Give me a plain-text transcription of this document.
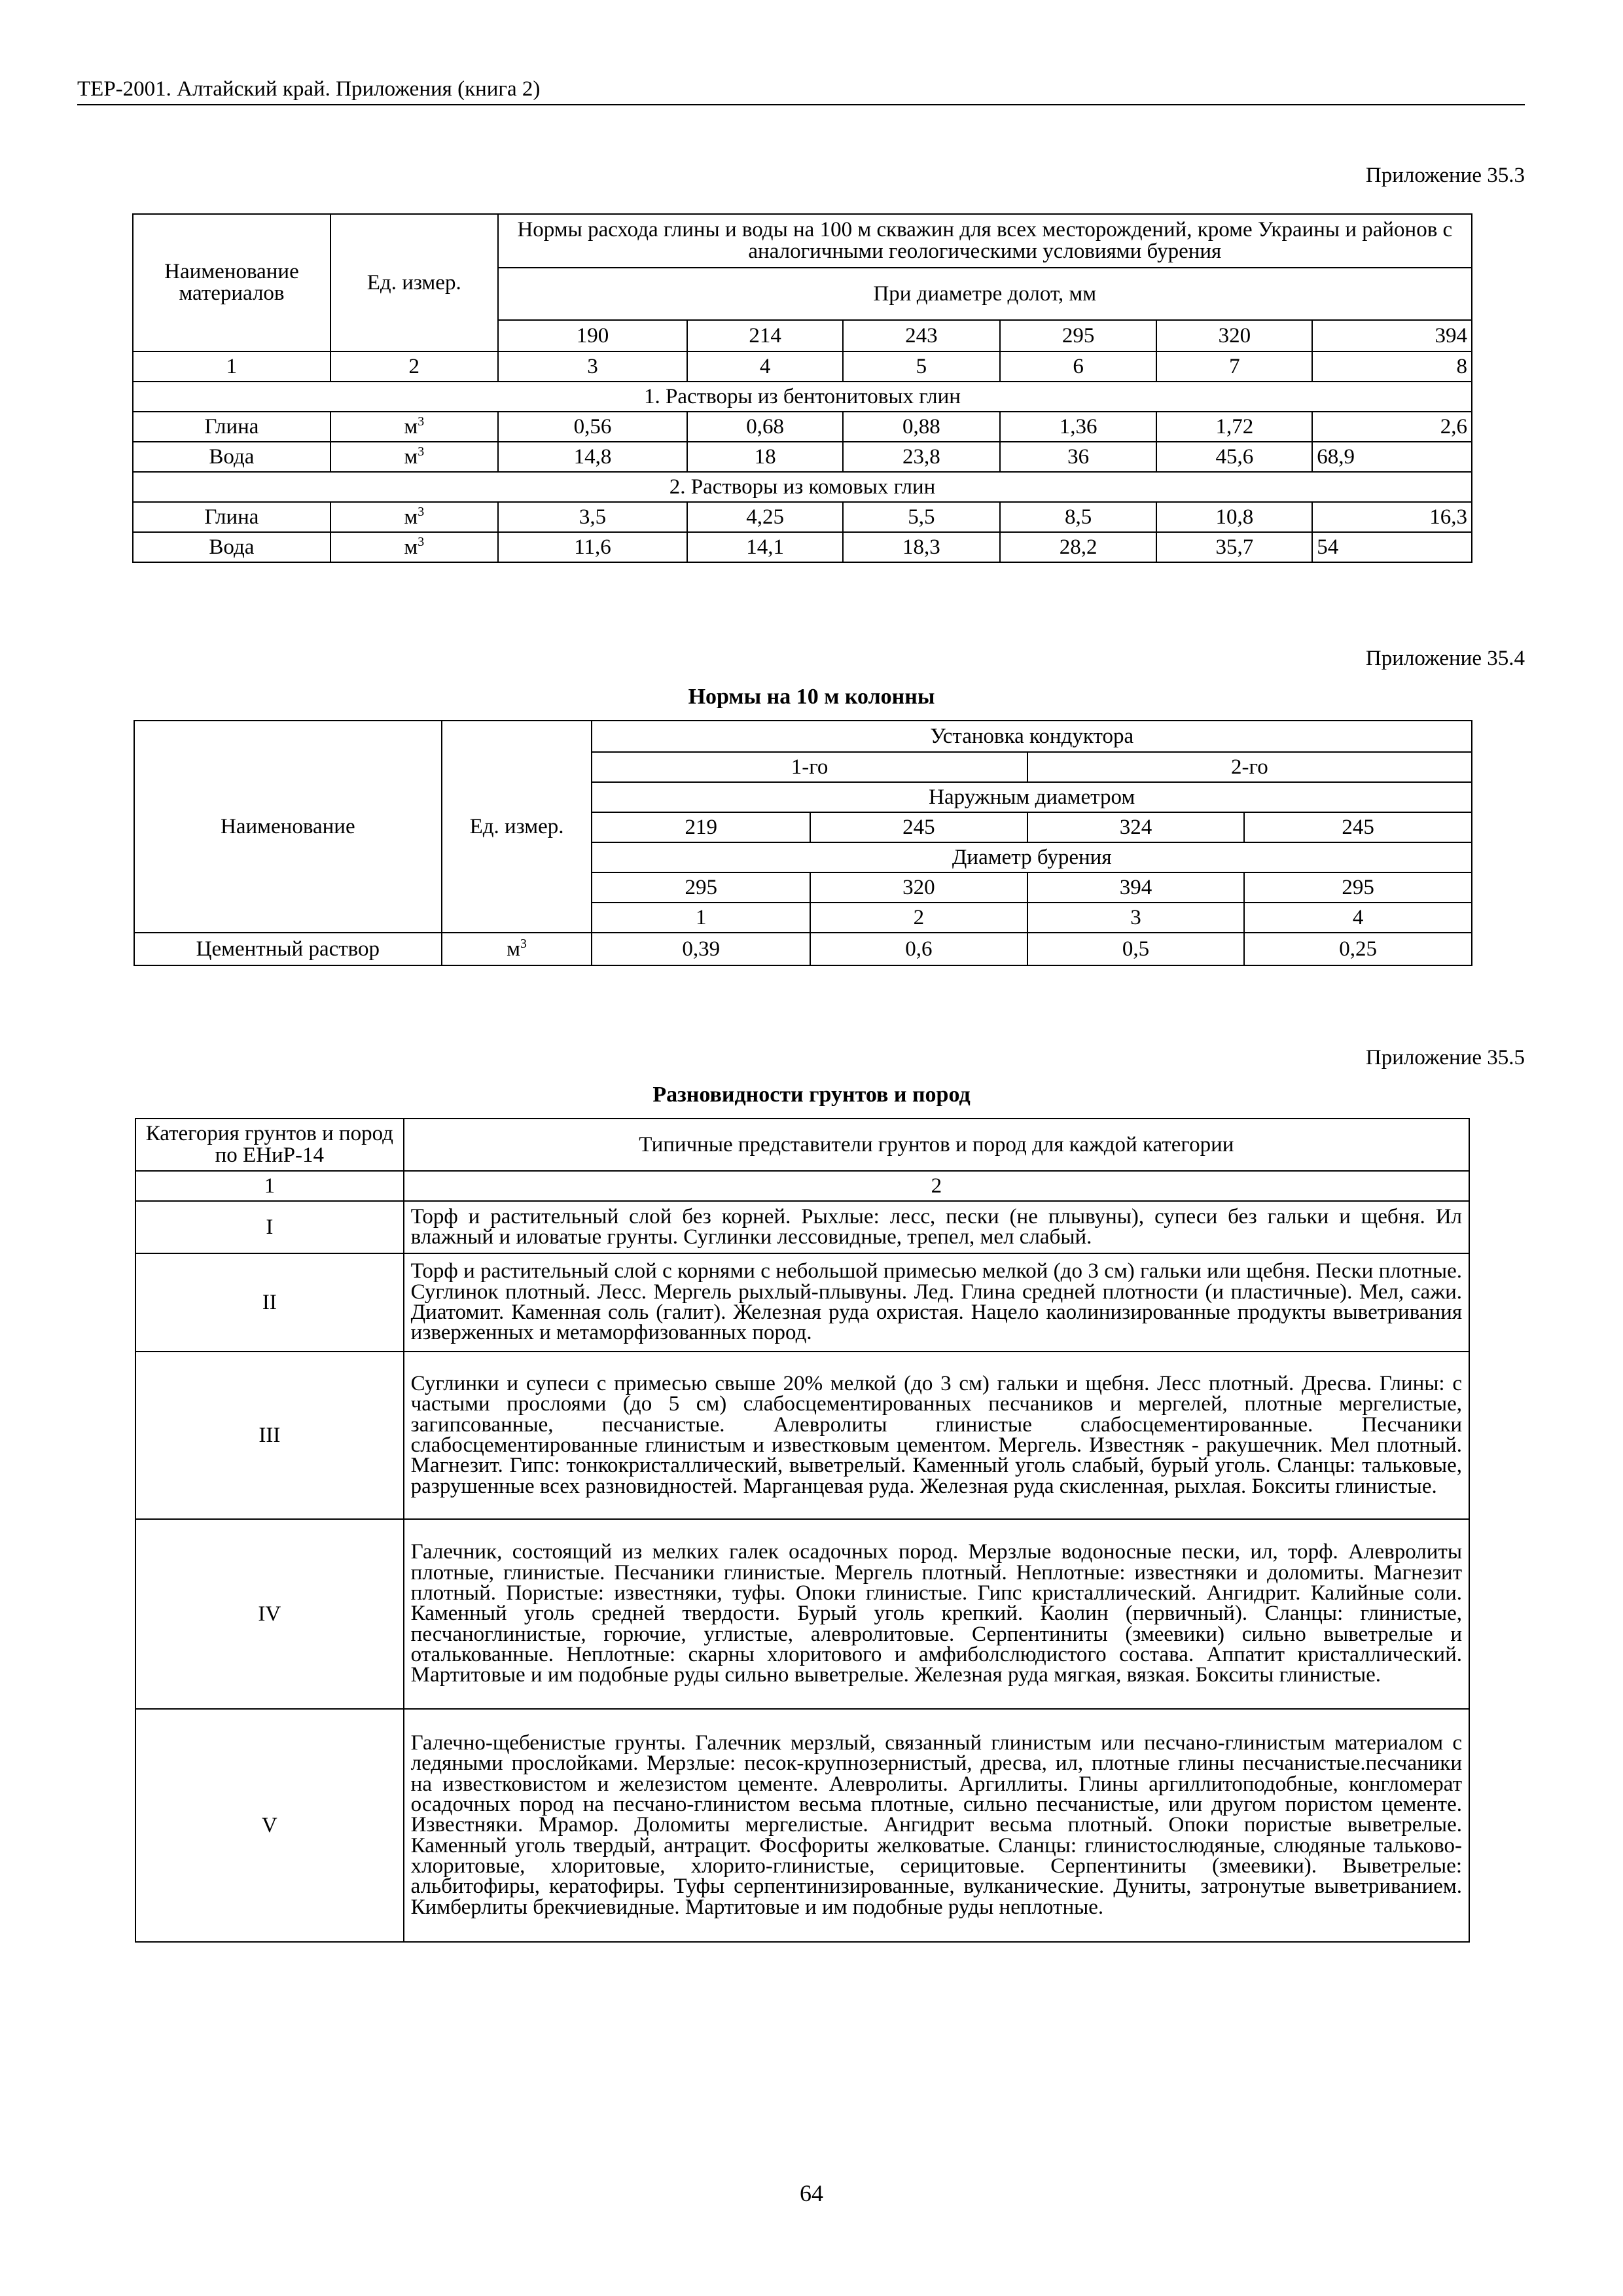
ТЕР-2001. Алтайский край. Приложения (книга 2)
Приложение 35.3
Наименование материалов	Ед. измер.	Нормы расхода глины и воды на 100 м скважин для всех месторождений, кроме Украины и районов с аналогичными геологическими условиями бурения					
		При диаметре долот, мм					
		190	214	243	295	320	394
1	2	3	4	5	6	7	8
1. Растворы из бентонитовых глин							
Глина	$м^3$	0,56	0,68	0,88	1,36	1,72	2,6
Вода	$м^3$	14,8	18	23,8	36	45,6	68,9
2. Растворы из комовых глин							
Глина	$м^3$	3,5	4,25	5,5	8,5	10,8	16,3
Вода	$м^3$	11,6	14,1	18,3	28,2	35,7	54
Приложение 35.4
Нормы на 10 м колонны
Наименование	Ед. измер.	Установка кондуктора			
		1-го		2-го	
		Наружным диаметром			
		219	245	324	245
		Диаметр бурения			
		295	320	394	295
		1	2	3	4
Цементный раствор	$м^3$	0,39	0,6	0,5	0,25
Приложение 35.5
Разновидности грунтов и пород
Категория грунтов и пород по ЕНиР-14	Типичные представители грунтов и пород для каждой категории
1	2
I	Торф и растительный слой без корней. Рыхлые: лесс, пески (не плывуны), супеси без гальки и щебня. Ил влажный и иловатые грунты. Суглинки лессовидные, трепел, мел слабый.
II	Торф и растительный слой с корнями с небольшой примесью мелкой (до 3 см) гальки или щебня. Пески плотные. Суглинок плотный. Лесс. Мергель рыхлый-плывуны. Лед. Глина средней плотности (и пластичные). Мел, сажи. Диатомит. Каменная соль (галит). Железная руда охристая. Нацело каолинизированные продукты выветривания изверженных и метаморфизованных пород.
III	Суглинки и супеси с примесью свыше 20% мелкой (до 3 см) гальки и щебня. Лесс плотный. Дресва. Глины: с частыми прослоями (до 5 см) слабосцементированных песчаников и мергелей, плотные мергелистые, загипсованные, песчанистые. Алевролиты глинистые слабосцементированные. Песчаники слабосцементированные глинистым и известковым цементом. Мергель. Известняк - ракушечник. Мел плотный. Магнезит. Гипс: тонкокристаллический, выветрелый. Каменный уголь слабый, бурый уголь. Сланцы: тальковые, разрушенные всех разновидностей. Марганцевая руда. Железная руда скисленная, рыхлая. Бокситы глинистые.
IV	Галечник, состоящий из мелких галек осадочных пород. Мерзлые водоносные пески, ил, торф. Алевролиты плотные, глинистые. Песчаники глинистые. Мергель плотный. Неплотные: известняки и доломиты. Магнезит плотный. Пористые: известняки, туфы. Опоки глинистые. Гипс кристаллический. Ангидрит. Калийные соли. Каменный уголь средней твердости. Бурый уголь крепкий. Каолин (первичный). Сланцы: глинистые, песчаноглинистые, горючие, углистые, алевролитовые. Серпентиниты (змеевики) сильно выветрелые и оталькованные. Неплотные: скарны хлоритового и амфиболслюдистого состава. Аппатит кристаллический. Мартитовые и им подобные руды сильно выветрелые. Железная руда мягкая, вязкая. Бокситы глинистые.
V	Галечно-щебенистые грунты. Галечник мерзлый, связанный глинистым или песчано-глинистым материалом с ледяными прослойками. Мерзлые: песок-крупнозернистый, дресва, ил, плотные глины песчанистые.песчаники на известковистом и железистом цементе. Алевролиты. Аргиллиты. Глины аргиллитоподобные, конгломерат осадочных пород на песчано-глинистом весьма плотные, сильно песчанистые, или другом пористом цементе. Известняки. Мрамор. Доломиты мергелистые. Ангидрит весьма плотный. Опоки пористые выветрелые. Каменный уголь твердый, антрацит. Фосфориты желковатые. Сланцы: глинистослюдяные, слюдяные тальково-хлоритовые, хлоритовые, хлорито-глинистые, серицитовые. Серпентиниты (змеевики). Выветрелые: альбитофиры, кератофиры. Туфы серпентинизированные, вулканические. Дуниты, затронутые выветриванием. Кимберлиты брекчиевидные. Мартитовые и им подобные руды неплотные.
64
